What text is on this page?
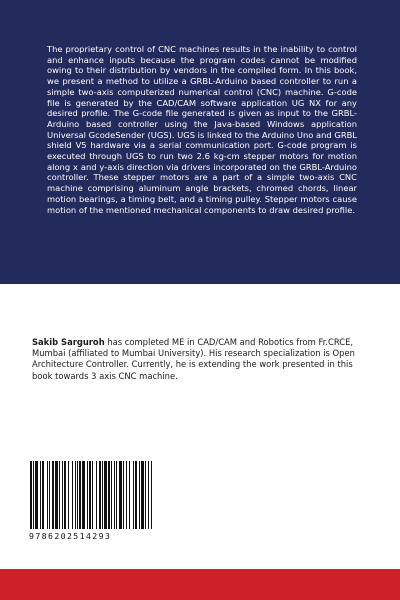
The proprietary control of CNC machines results in the inability to control and enhance inputs because the program codes cannot be modified owing to their distribution by vendors in the compiled form. In this book, we present a method to utilize a GRBL-Arduino based controller to run a simple two-axis computerized numerical control (CNC) machine. G-code file is generated by the CAD/CAM software application UG NX for any desired profile. The G-code file generated is given as input to the GRBL-Arduino based controller using the Java-based Windows application Universal GcodeSender (UGS). UGS is linked to the Arduino Uno and GRBL shield V5 hardware via a serial communication port. G-code program is executed through UGS to run two 2.6 kg-cm stepper motors for motion along x and y-axis direction via drivers incorporated on the GRBL-Arduino controller. These stepper motors are a part of a simple two-axis CNC machine comprising aluminum angle brackets, chromed chords, linear motion bearings, a timing belt, and a timing pulley. Stepper motors cause motion of the mentioned mechanical components to draw desired profile.

Sakib Sarguroh has completed ME in CAD/CAM and Robotics from Fr.CRCE, Mumbai (affiliated to Mumbai University). His research specialization is Open Architecture Controller. Currently, he is extending the work presented in this book towards 3 axis CNC machine.

9786202514293
